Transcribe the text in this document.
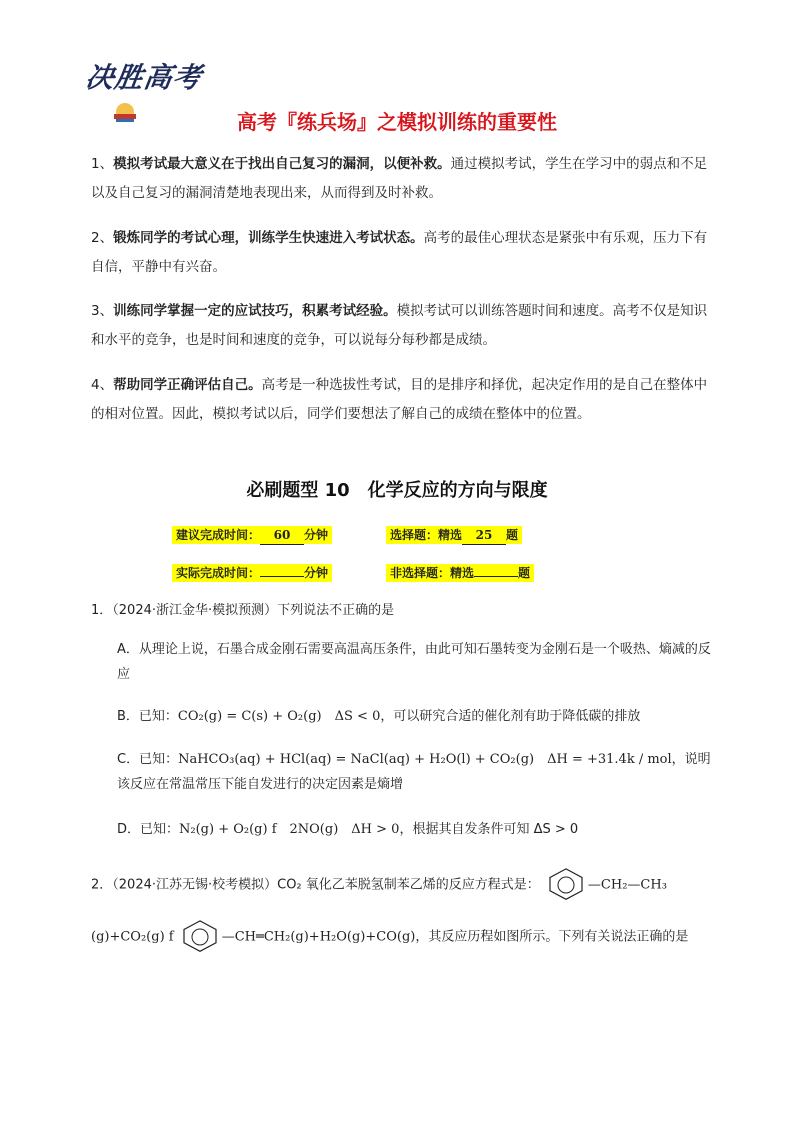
决胜高考
高考『练兵场』之模拟训练的重要性
1、模拟考试最大意义在于找出自己复习的漏洞，以便补救。通过模拟考试，学生在学习中的弱点和不足以及自己复习的漏洞清楚地表现出来，从而得到及时补救。
2、锻炼同学的考试心理，训练学生快速进入考试状态。高考的最佳心理状态是紧张中有乐观，压力下有自信，平静中有兴奋。
3、训练同学掌握一定的应试技巧，积累考试经验。模拟考试可以训练答题时间和速度。高考不仅是知识和水平的竞争，也是时间和速度的竞争，可以说每分每秒都是成绩。
4、帮助同学正确评估自己。高考是一种选拔性考试，目的是排序和择优，起决定作用的是自己在整体中的相对位置。因此，模拟考试以后，同学们要想法了解自己的成绩在整体中的位置。
必刷题型 10　化学反应的方向与限度
建议完成时间： 60 分钟	选择题：精选 25 题
实际完成时间：	分钟	非选择题：精选	题
1．（2024·浙江金华·模拟预测）下列说法不正确的是
A．从理论上说，石墨合成金刚石需要高温高压条件，由此可知石墨转变为金刚石是一个吸热、熵减的反应
B．已知：CO₂(g) = C(s) + O₂(g)　ΔS < 0，可以研究合适的催化剂有助于降低碳的排放
C．已知：NaHCO₃(aq) + HCl(aq) = NaCl(aq) + H₂O(l) + CO₂(g)　ΔH = +31.4k / mol，说明该反应在常温常压下能自发进行的决定因素是熵增
D．已知：N₂(g) + O₂(g) f　2NO(g)　ΔH > 0，根据其自发条件可知 ΔS > 0
2．（2024·江苏无锡·校考模拟）CO₂ 氧化乙苯脱氢制苯乙烯的反应方程式是：	—CH₂—CH₃
(g)+CO₂(g) f	—CH═CH₂(g)+H₂O(g)+CO(g)，其反应历程如图所示。下列有关说法正确的是
